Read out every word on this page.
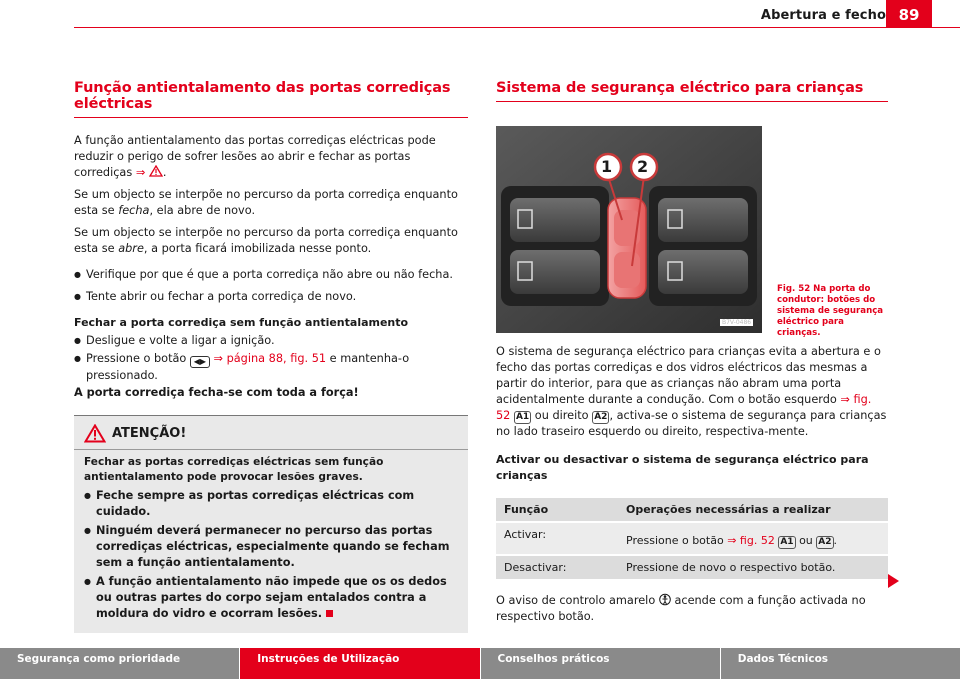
Abertura e fecho 89
Função antientalamento das portas corrediças eléctricas

A função antientalamento das portas corrediças eléctricas pode reduzir o perigo de sofrer lesões ao abrir e fechar as portas corrediças ⇒ .

Se um objecto se interpõe no percurso da porta corrediça enquanto esta se fecha, ela abre de novo.

Se um objecto se interpõe no percurso da porta corrediça enquanto esta se abre, a porta ficará imobilizada nesse ponto.

● Verifique por que é que a porta corrediça não abre ou não fecha.
● Tente abrir ou fechar a porta corrediça de novo.
Fechar a porta corrediça sem função antientalamento
● Desligue e volte a ligar a ignição.
● Pressione o botão ◀▶ ⇒ página 88, fig. 51 e mantenha-o pressionado.

A porta corrediça fecha-se com toda a força!

ATENÇÃO!

Fechar as portas corrediças eléctricas sem função antientalamento pode provocar lesões graves.

● Feche sempre as portas corrediças eléctricas com cuidado.
● Ninguém deverá permanecer no percurso das portas corrediças eléctricas, especialmente quando se fecham sem a função antientalamento.
● A função antientalamento não impede que os os dedos ou outras partes do corpo sejam entalados contra a moldura do vidro e ocorram lesões.
Sistema de segurança eléctrico para crianças
1 2
B7V-0486
Fig. 52 Na porta do condutor: botões do sistema de segurança eléctrico para crianças.

O sistema de segurança eléctrico para crianças evita a abertura e o fecho das portas corrediças e dos vidros eléctricos das mesmas a partir do interior, para que as crianças não abram uma porta acidentalmente durante a condução. Com o botão esquerdo ⇒ fig. 52 A1 ou direito A2 , activa-se o sistema de segurança para crianças no lado traseiro esquerdo ou direito, respectiva-mente.

Activar ou desactivar o sistema de segurança eléctrico para crianças
Função	Operações necessárias a realizar
Activar:	Pressione o botão ⇒ fig. 52 A1 ou A2 .
Desactivar:	Pressione de novo o respectivo botão.

O aviso de controlo amarelo acende com a função activada no respectivo botão.

Segurança como prioridade	Instruções de Utilização	Conselhos práticos	Dados Técnicos
